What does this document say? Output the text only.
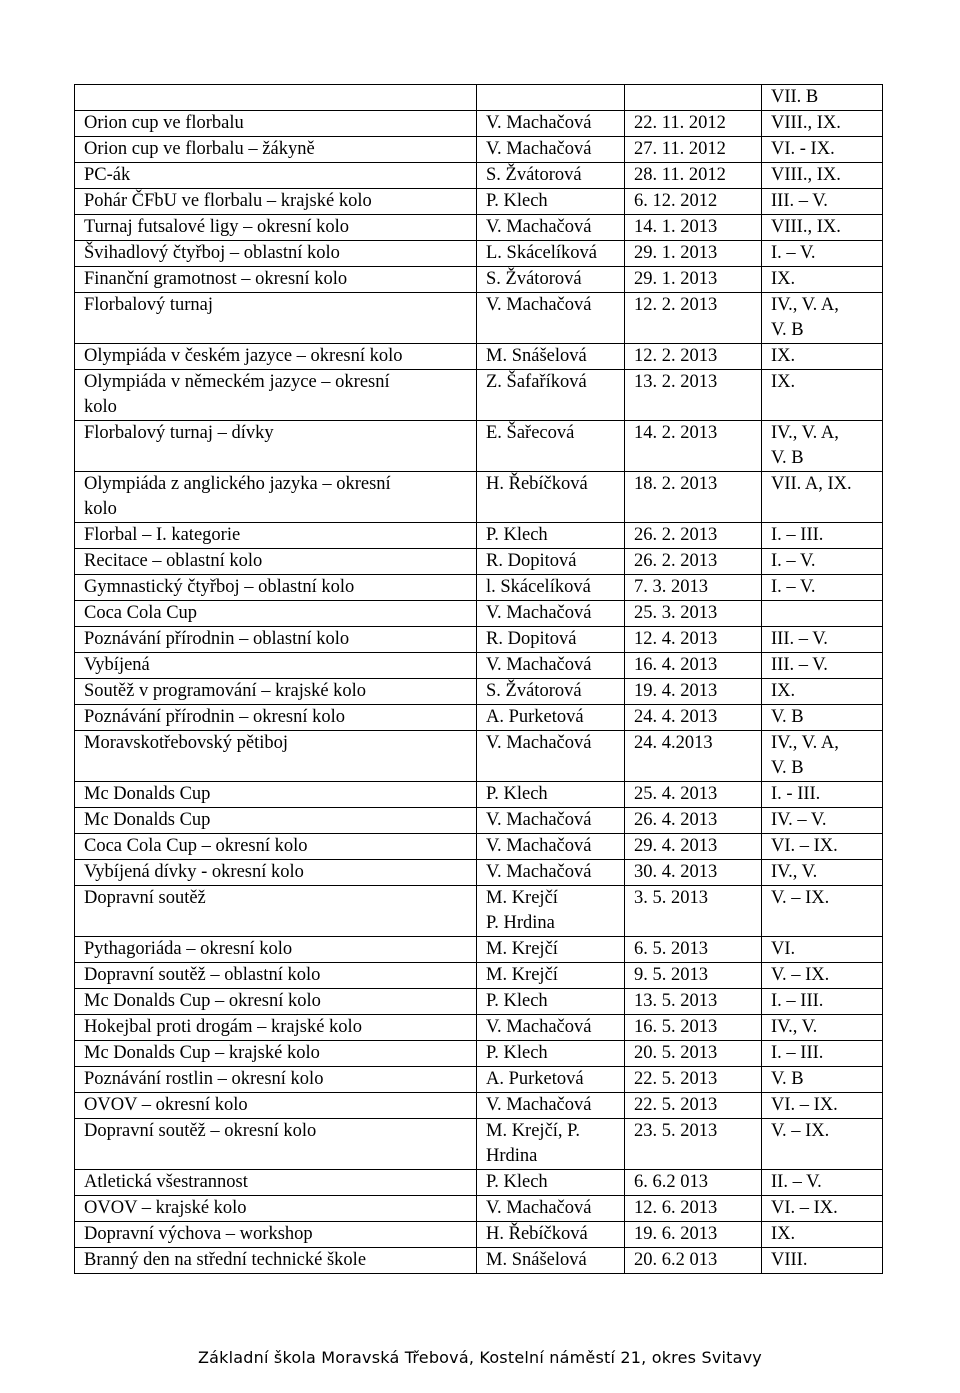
			VII. B
Orion cup ve florbalu	V. Machačová	22. 11. 2012	VIII., IX.
Orion cup ve florbalu – žákyně	V. Machačová	27. 11. 2012	VI. - IX.
PC-ák	S. Žvátorová	28. 11. 2012	VIII., IX.
Pohár ČFbU ve florbalu – krajské kolo	P. Klech	6. 12. 2012	III. – V.
Turnaj futsalové ligy – okresní kolo	V. Machačová	14. 1. 2013	VIII., IX.
Švihadlový čtyřboj – oblastní kolo	L. Skácelíková	29. 1. 2013	I. – V.
Finanční gramotnost – okresní kolo	S. Žvátorová	29. 1. 2013	IX.
Florbalový turnaj	V. Machačová	12. 2. 2013	IV., V. A,
V. B
Olympiáda v českém jazyce – okresní kolo	M. Snášelová	12. 2. 2013	IX.
Olympiáda v německém jazyce – okresní
kolo	Z. Šafaříková	13. 2. 2013	IX.
Florbalový turnaj – dívky	E. Šařecová	14. 2. 2013	IV., V. A,
V. B
Olympiáda z anglického jazyka – okresní
kolo	H. Řebíčková	18. 2. 2013	VII. A, IX.
Florbal – I. kategorie	P. Klech	26. 2. 2013	I. – III.
Recitace – oblastní kolo	R. Dopitová	26. 2. 2013	I. – V.
Gymnastický čtyřboj – oblastní kolo	l. Skácelíková	7. 3. 2013	I. – V.
Coca Cola Cup	V. Machačová	25. 3. 2013	
Poznávání přírodnin – oblastní kolo	R. Dopitová	12. 4. 2013	III. – V.
Vybíjená	V. Machačová	16. 4. 2013	III. – V.
Soutěž v programování – krajské kolo	S. Žvátorová	19. 4. 2013	IX.
Poznávání přírodnin – okresní kolo	A. Purketová	24. 4. 2013	V. B
Moravskotřebovský pětiboj	V. Machačová	24. 4.2013	IV., V. A,
V. B
Mc Donalds Cup	P. Klech	25. 4. 2013	I. - III.
Mc Donalds Cup	V. Machačová	26. 4. 2013	IV. – V.
Coca Cola Cup – okresní kolo	V. Machačová	29. 4. 2013	VI. – IX.
Vybíjená dívky - okresní kolo	V. Machačová	30. 4. 2013	IV., V.
Dopravní soutěž	M. Krejčí
P. Hrdina	3. 5. 2013	V. – IX.
Pythagoriáda – okresní kolo	M. Krejčí	6. 5. 2013	VI.
Dopravní soutěž – oblastní kolo	M. Krejčí	9. 5. 2013	V. – IX.
Mc Donalds Cup – okresní kolo	P. Klech	13. 5. 2013	I. – III.
Hokejbal proti drogám – krajské kolo	V. Machačová	16. 5. 2013	IV., V.
Mc Donalds Cup – krajské kolo	P. Klech	20. 5. 2013	I. – III.
Poznávání rostlin – okresní kolo	A. Purketová	22. 5. 2013	V. B
OVOV – okresní kolo	V. Machačová	22. 5. 2013	VI. – IX.
Dopravní soutěž – okresní kolo	M. Krejčí, P.
Hrdina	23. 5. 2013	V. – IX.
Atletická všestrannost	P. Klech	6. 6.2 013	II. – V.
OVOV – krajské kolo	V. Machačová	12. 6. 2013	VI. – IX.
Dopravní výchova – workshop	H. Řebíčková	19. 6. 2013	IX.
Branný den na střední technické škole	M. Snášelová	20. 6.2 013	VIII.
Základní škola Moravská Třebová, Kostelní náměstí 21, okres Svitavy
